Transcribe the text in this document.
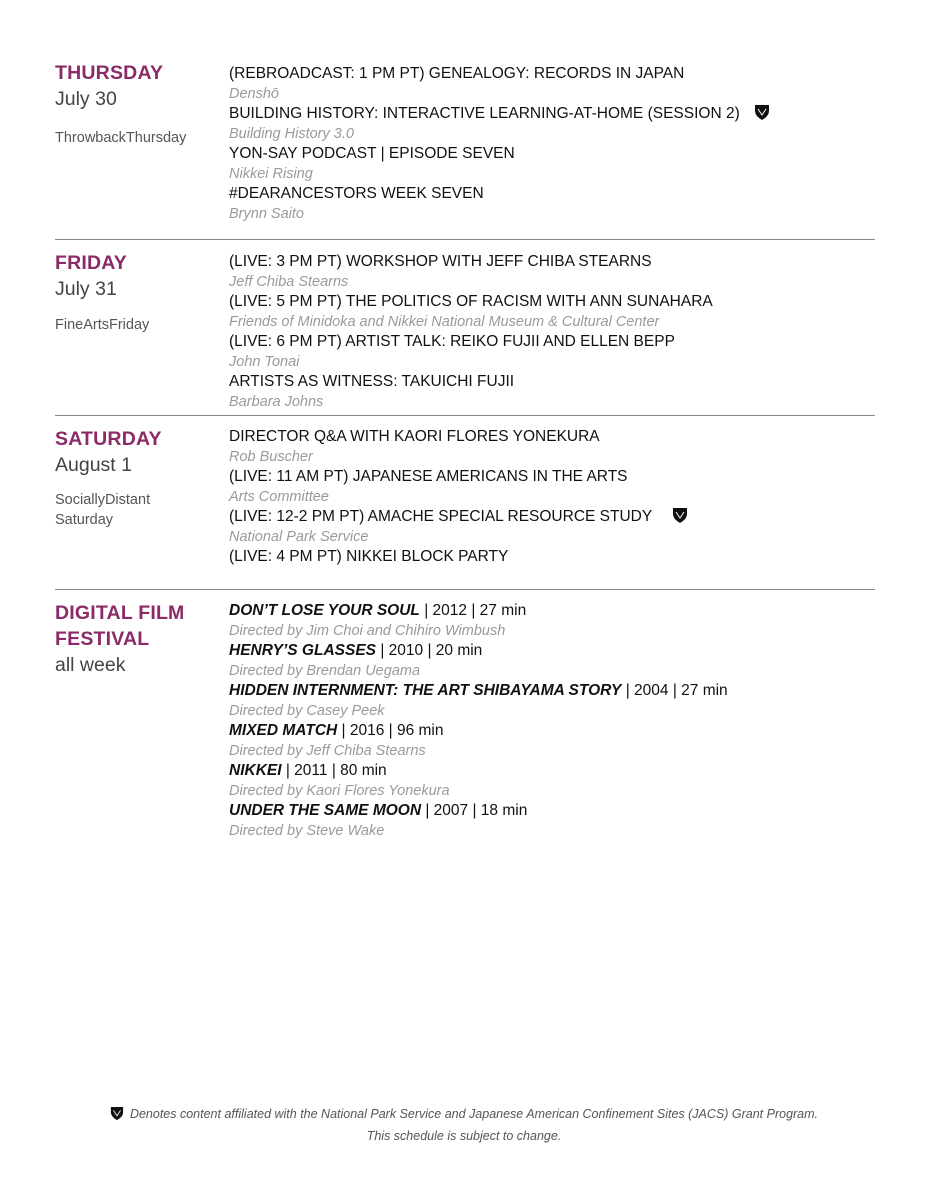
THURSDAY
July 30
ThrowbackThursday
(REBROADCAST: 1 PM PT) GENEALOGY: RECORDS IN JAPAN
Denshō
BUILDING HISTORY: INTERACTIVE LEARNING-AT-HOME (SESSION 2)
Building History 3.0
YON-SAY PODCAST | EPISODE SEVEN
Nikkei Rising
#DEARANCESTORS WEEK SEVEN
Brynn Saito
FRIDAY
July 31
FineArtsFriday
(LIVE: 3 PM PT) WORKSHOP WITH JEFF CHIBA STEARNS
Jeff Chiba Stearns
(LIVE: 5 PM PT) THE POLITICS OF RACISM WITH ANN SUNAHARA
Friends of Minidoka and Nikkei National Museum & Cultural Center
(LIVE: 6 PM PT) ARTIST TALK: REIKO FUJII AND ELLEN BEPP
John Tonai
ARTISTS AS WITNESS: TAKUICHI FUJII
Barbara Johns
SATURDAY
August 1
SociallyDistant
Saturday
DIRECTOR Q&A WITH KAORI FLORES YONEKURA
Rob Buscher
(LIVE: 11 AM PT) JAPANESE AMERICANS IN THE ARTS
Arts Committee
(LIVE: 12-2 PM PT) AMACHE SPECIAL RESOURCE STUDY
National Park Service
(LIVE: 4 PM PT) NIKKEI BLOCK PARTY
DIGITAL FILM
FESTIVAL
all week
DON’T LOSE YOUR SOUL | 2012 | 27 min
Directed by Jim Choi and Chihiro Wimbush
HENRY’S GLASSES | 2010 | 20 min
Directed by Brendan Uegama
HIDDEN INTERNMENT: THE ART SHIBAYAMA STORY | 2004 | 27 min
Directed by Casey Peek
MIXED MATCH | 2016 | 96 min
Directed by Jeff Chiba Stearns
NIKKEI | 2011 | 80 min
Directed by Kaori Flores Yonekura
UNDER THE SAME MOON | 2007 | 18 min
Directed by Steve Wake
Denotes content affiliated with the National Park Service and Japanese American Confinement Sites (JACS) Grant Program.
This schedule is subject to change.
